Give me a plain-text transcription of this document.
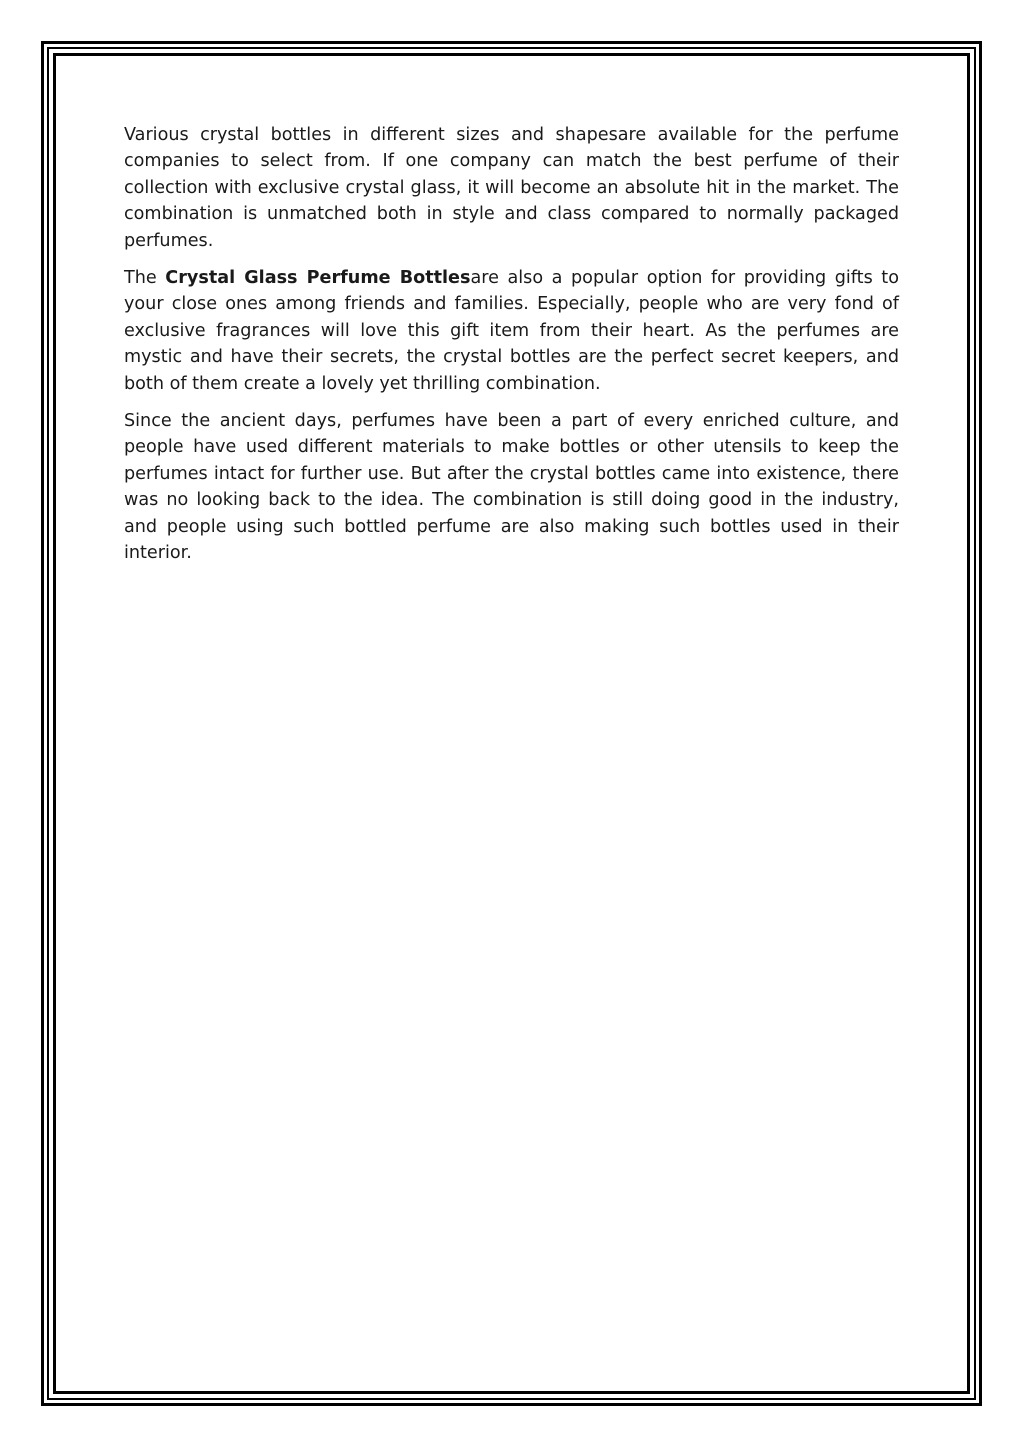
Various crystal bottles in different sizes and shapesare available for the perfume companies to select from. If one company can match the best perfume of their collection with exclusive crystal glass, it will become an absolute hit in the market. The combination is unmatched both in style and class compared to normally packaged perfumes.

The Crystal Glass Perfume Bottlesare also a popular option for providing gifts to your close ones among friends and families. Especially, people who are very fond of exclusive fragrances will love this gift item from their heart. As the perfumes are mystic and have their secrets, the crystal bottles are the perfect secret keepers, and both of them create a lovely yet thrilling combination.

Since the ancient days, perfumes have been a part of every enriched culture, and people have used different materials to make bottles or other utensils to keep the perfumes intact for further use. But after the crystal bottles came into existence, there was no looking back to the idea. The combination is still doing good in the industry, and people using such bottled perfume are also making such bottles used in their interior.
